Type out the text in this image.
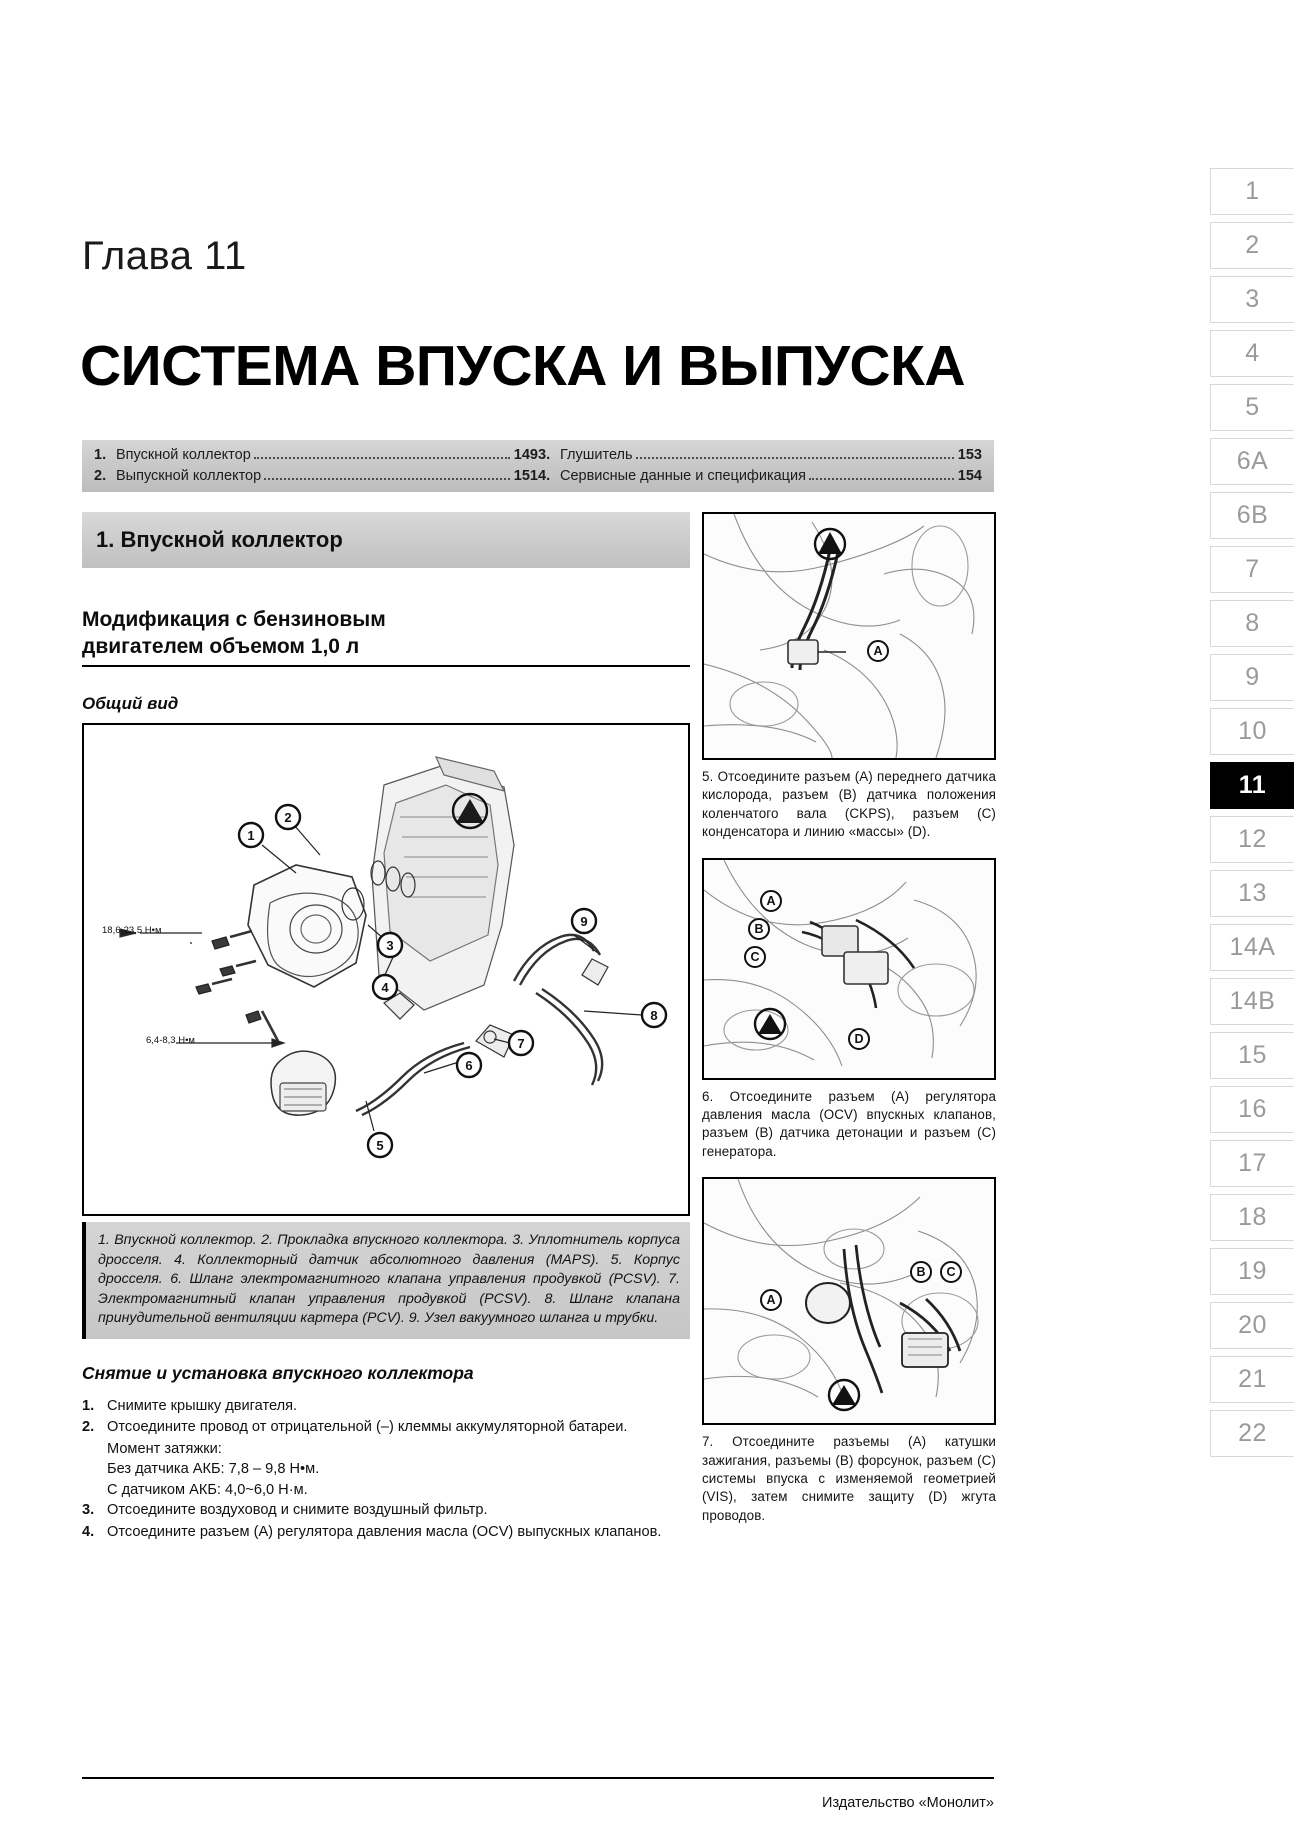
1
2
3
4
5
6A
6B
7
8
9
10
11
12
13
14A
14B
15
16
17
18
19
20
21
22
Глава 11
СИСТЕМА ВПУСКА И ВЫПУСКА
1. Впускной коллектор	149
2. Выпускной коллектор	151
3. Глушитель	153
4. Сервисные данные и спецификация	154
1. Впускной коллектор
Модификация с бензиновым
двигателем объемом 1,0 л
Общий вид
1
2
3
4
5
6
7
8
9
18,6-23,5 Н•м
6,4-8,3 Н•м
1. Впускной коллектор. 2. Прокладка впускного коллектора. 3. Уплотнитель корпуса дросселя. 4. Коллекторный датчик абсолютного давления (MAPS). 5. Корпус дросселя. 6. Шланг электромагнитного клапана управления продувкой (PCSV). 7. Электромагнитный клапан управления продувкой (PCSV). 8. Шланг клапана принудительной вентиляции картера (PCV). 9. Узел вакуумного шланга и трубки.
Снятие и установка впускного коллектора
1. Снимите крышку двигателя.
2. Отсоедините провод от отрицательной (–) клеммы аккумуляторной батареи.
Момент затяжки:
Без датчика АКБ: 7,8 – 9,8 Н•м.
С датчиком АКБ: 4,0~6,0 Н·м.
3. Отсоедините воздуховод и снимите воздушный фильтр.
4. Отсоедините разъем (A) регулятора давления масла (OCV) выпускных клапанов.
A
5. Отсоедините разъем (A) переднего датчика кислорода, разъем (B) датчика положения коленчатого вала (CKPS), разъем (C) конденсатора и линию «массы» (D).
A
B
C
D
6. Отсоедините разъем (A) регулятора давления масла (OCV) впускных клапанов, разъем (B) датчика детонации и разъем (C) генератора.
A
B	C
7. Отсоедините разъемы (A) катушки зажигания, разъемы (B) форсунок, разъем (C) системы впуска с изменяемой геометрией (VIS), затем снимите защиту (D) жгута проводов.
Издательство «Монолит»
